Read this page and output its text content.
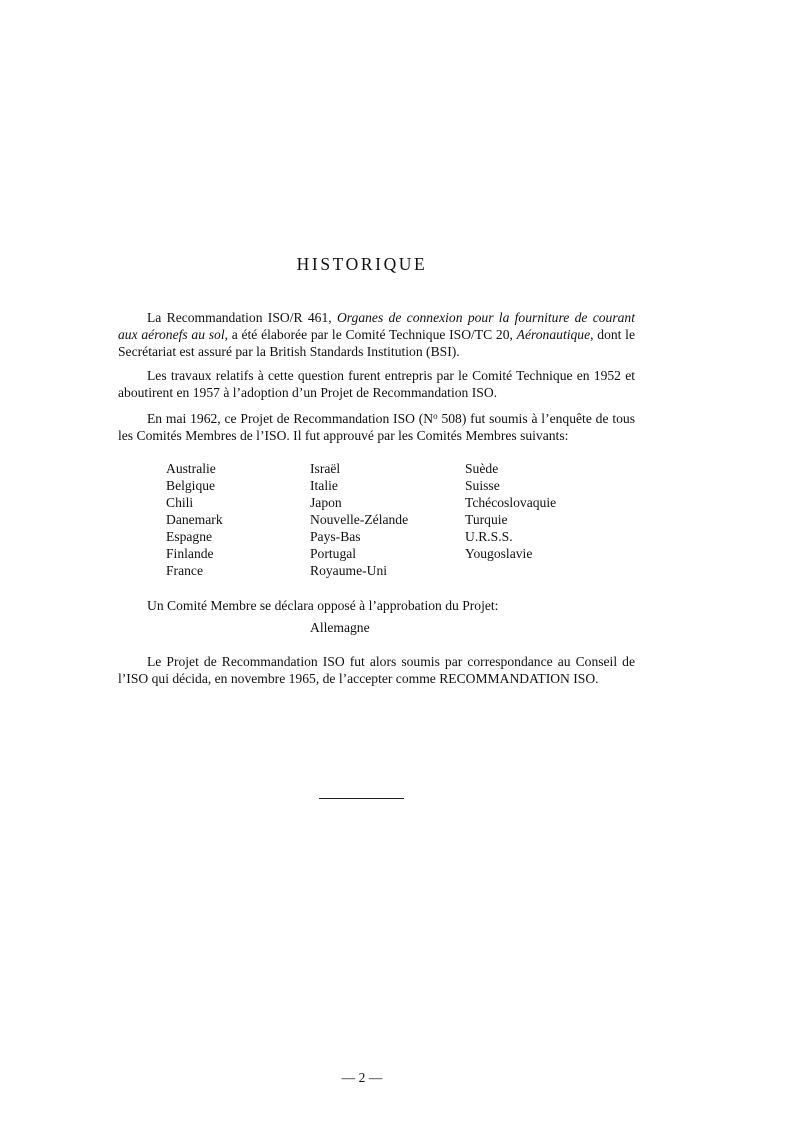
HISTORIQUE

La Recommandation ISO/R 461, Organes de connexion pour la fourniture de courant aux aéronefs au sol, a été élaborée par le Comité Technique ISO/TC 20, Aéronautique, dont le Secrétariat est assuré par la British Standards Institution (BSI).

Les travaux relatifs à cette question furent entrepris par le Comité Technique en 1952 et aboutirent en 1957 à l’adoption d’un Projet de Recommandation ISO.

En mai 1962, ce Projet de Recommandation ISO ($N^o$ 508) fut soumis à l’enquête de tous les Comités Membres de l’ISO. Il fut approuvé par les Comités Membres suivants:

Australie
Belgique
Chili
Danemark
Espagne
Finlande
France
Israël
Italie
Japon
Nouvelle-Zélande
Pays-Bas
Portugal
Royaume-Uni
Suède
Suisse
Tchécoslovaquie
Turquie
U.R.S.S.
Yougoslavie

Un Comité Membre se déclara opposé à l’approbation du Projet:

Allemagne

Le Projet de Recommandation ISO fut alors soumis par correspondance au Conseil de l’ISO qui décida, en novembre 1965, de l’accepter comme RECOMMANDATION ISO.

— 2 —
